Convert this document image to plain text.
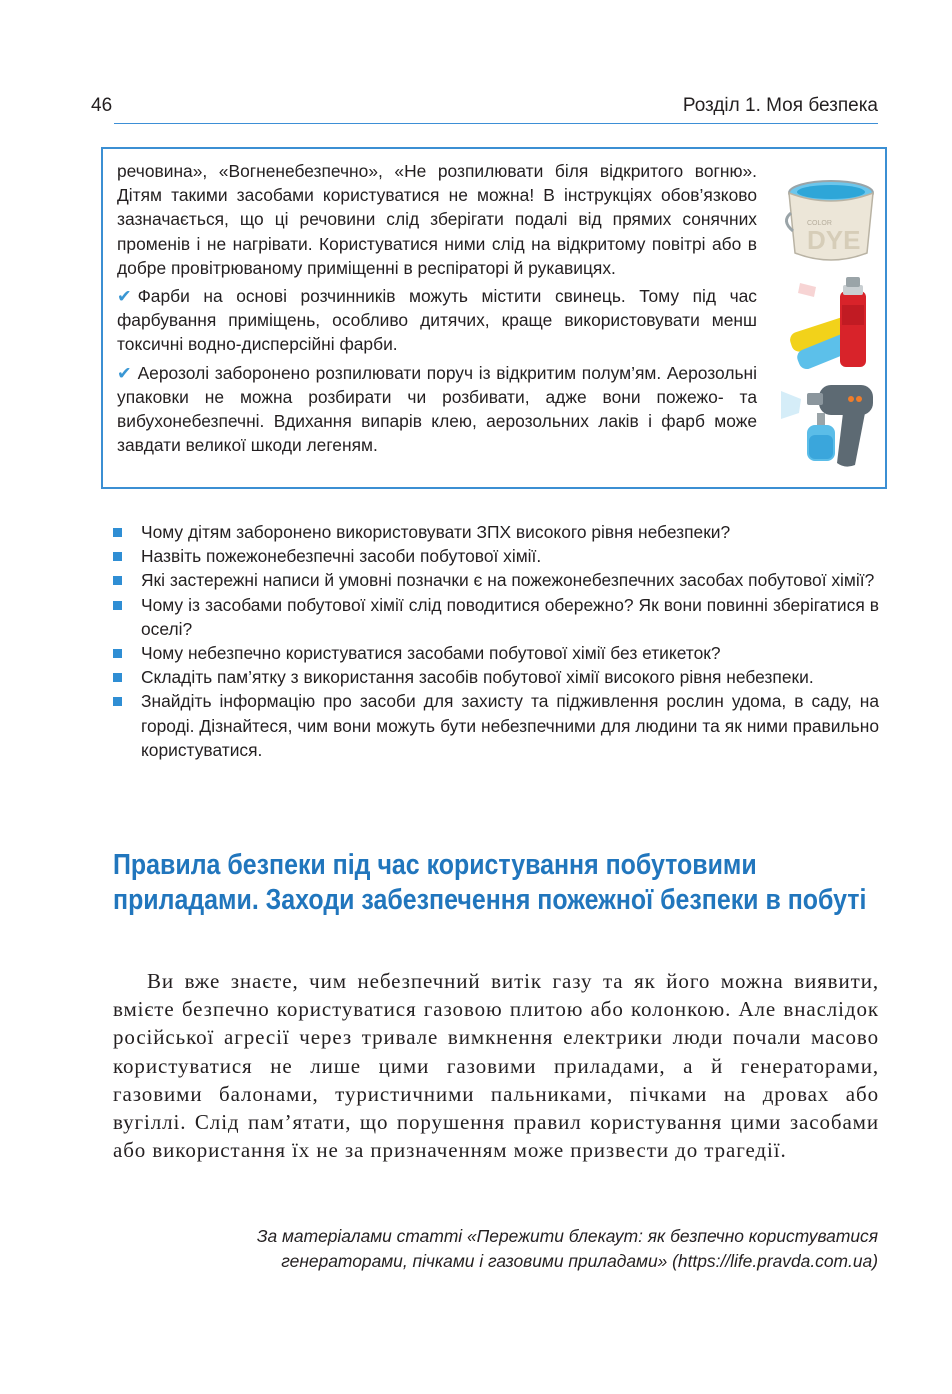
46	Розділ 1. Моя безпека

речовина», «Вогненебезпечно», «Не розпилювати біля відкритого вогню». Дітям такими засобами користуватися не можна! В інструкціях обов’язково зазначається, що ці речовини слід зберігати подалі від прямих сонячних променів і не нагрівати. Користуватися ними слід на відкритому повітрі або в добре провітрюваному приміщенні в респіраторі й рукавицях.

✔ Фарби на основі розчинників можуть містити свинець. Тому під час фарбування приміщень, особливо дитячих, краще використовувати менш токсичні водно-дисперсійні фарби.

✔ Аерозолі заборонено розпилювати поруч із відкритим полум’ям. Аерозольні упаковки не можна розбирати чи розбивати, адже вони пожежо- та вибухонебезпечні. Вдихання випарів клею, аерозольних лаків і фарб може завдати великої шкоди легеням.

COLOR
DYE
Чому дітям заборонено використовувати ЗПХ високого рівня небезпеки?
Назвіть пожежонебезпечні засоби побутової хімії.
Які застережні написи й умовні позначки є на пожежонебезпечних засобах побутової хімії?
Чому із засобами побутової хімії слід поводитися обережно? Як вони повинні зберігатися в оселі?
Чому небезпечно користуватися засобами побутової хімії без етикеток?
Складіть пам’ятку з використання засобів побутової хімії високого рівня небезпеки.
Знайдіть інформацію про засоби для захисту та підживлення рослин удома, в саду, на городі. Дізнайтеся, чим вони можуть бути небезпечними для людини та як ними правильно користуватися.
Правила безпеки під час користування побутовими приладами. Заходи забезпечення пожежної безпеки в побуті

Ви вже знаєте, чим небезпечний витік газу та як його можна виявити, вмієте безпечно користуватися газовою плитою або колонкою. Але внаслідок російської агресії через тривале вимкнення електрики люди почали масово користуватися не лише цими газовими приладами, а й генераторами, газовими балонами, туристичними пальниками, пічками на дровах або вугіллі. Слід пам’ятати, що порушення правил користування цими засобами або використання їх не за призначенням може призвести до трагедії.

За матеріалами статті «Пережити блекаут: як безпечно користуватися генераторами, пічками і газовими приладами» (https://life.pravda.com.ua)
